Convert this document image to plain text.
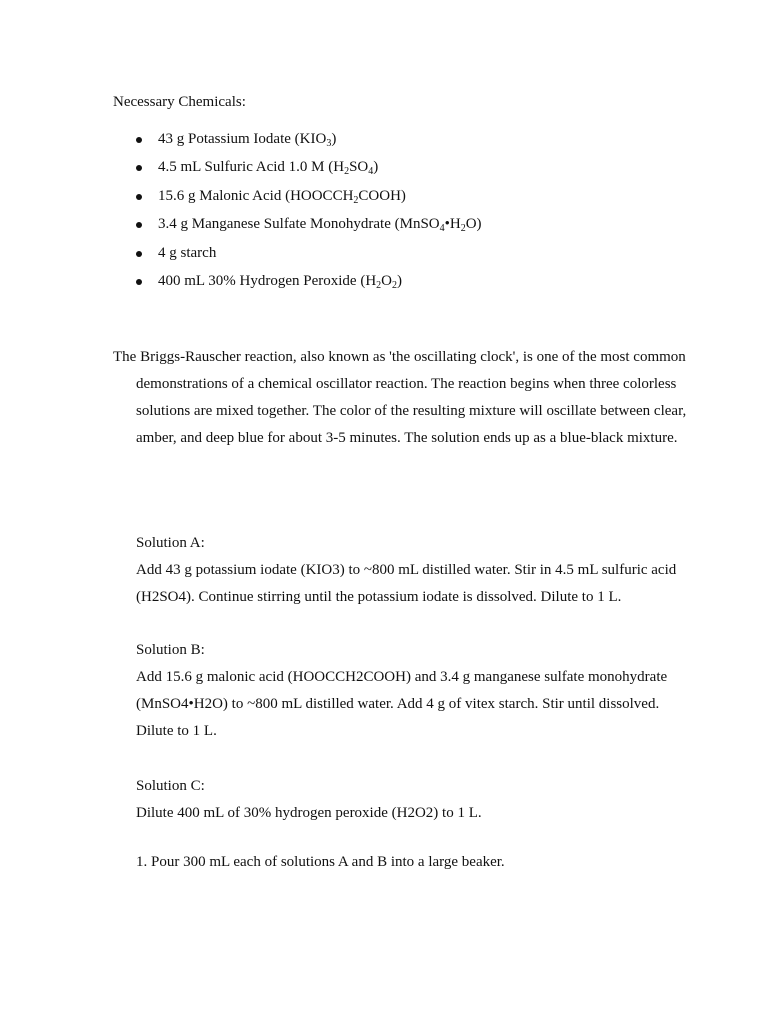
Necessary Chemicals:
43 g Potassium Iodate $(KIO_3)$
4.5 mL Sulfuric Acid 1.0 M $(H_2SO_4)$
15.6 g Malonic Acid $(HOOCCH_2COOH)$
3.4 g Manganese Sulfate Monohydrate $(MnSO_4•H_2O)$
4 g starch
400 mL 30% Hydrogen Peroxide $(H_2O_2)$

The Briggs-Rauscher reaction, also known as 'the oscillating clock', is one of the most common demonstrations of a chemical oscillator reaction. The reaction begins when three colorless solutions are mixed together. The color of the resulting mixture will oscillate between clear, amber, and deep blue for about 3-5 minutes. The solution ends up as a blue-black mixture.

Solution A:
Add 43 g potassium iodate (KIO3) to ~800 mL distilled water. Stir in 4.5 mL sulfuric acid (H2SO4). Continue stirring until the potassium iodate is dissolved. Dilute to 1 L.
Solution B:
Add 15.6 g malonic acid (HOOCCH2COOH) and 3.4 g manganese sulfate monohydrate (MnSO4•H2O) to ~800 mL distilled water. Add 4 g of vitex starch. Stir until dissolved. Dilute to 1 L.
Solution C:
Dilute 400 mL of 30% hydrogen peroxide (H2O2) to 1 L.
1. Pour 300 mL each of solutions A and B into a large beaker.
